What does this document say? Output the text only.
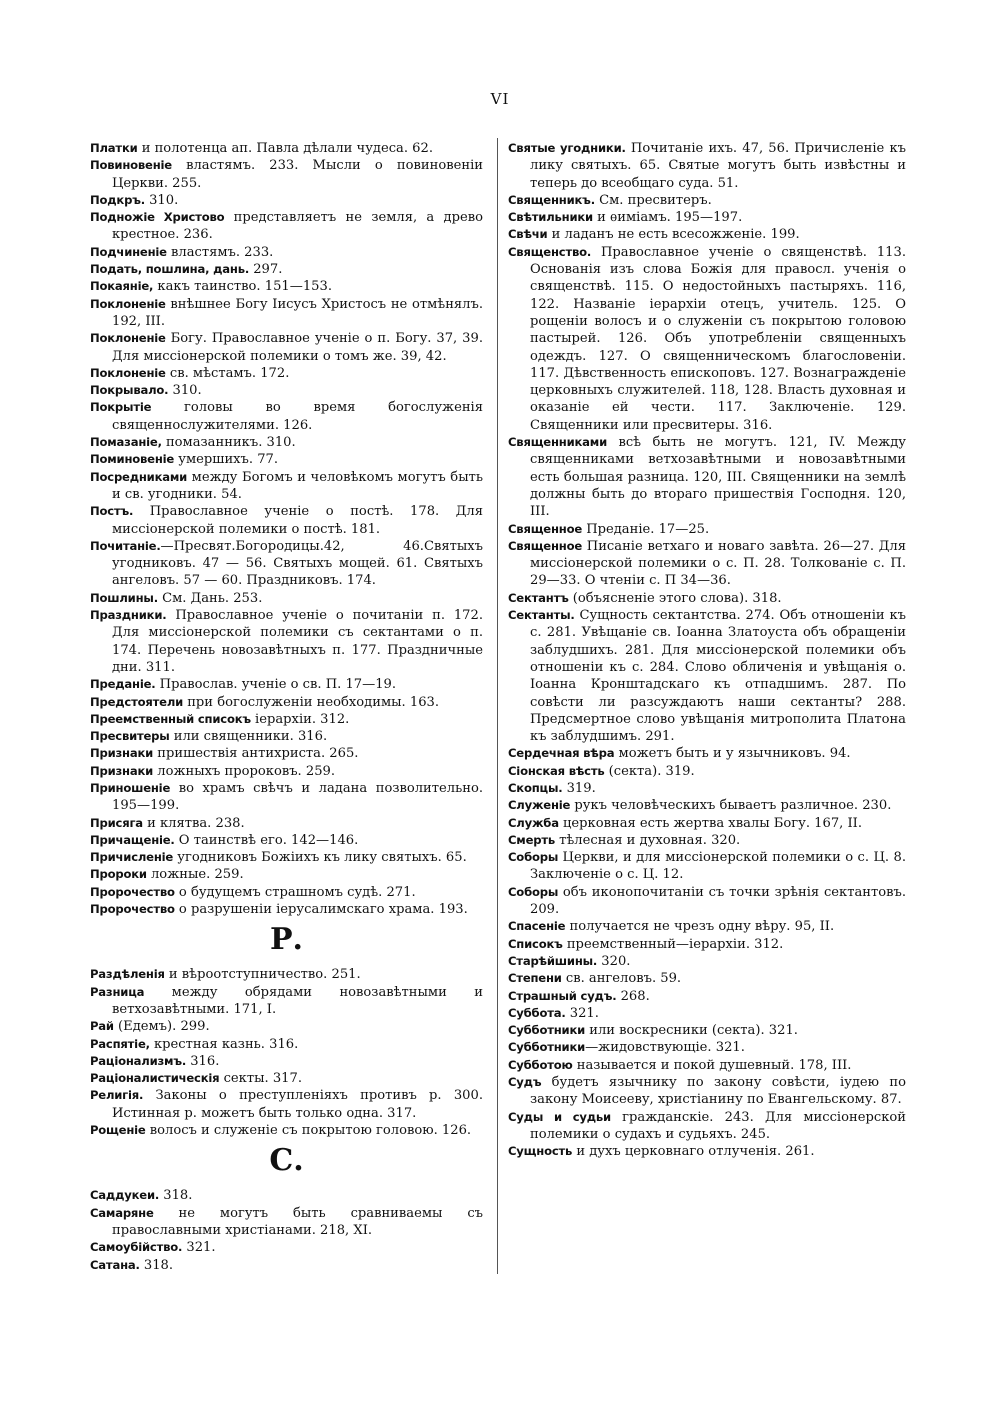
VI

Платки и полотенца ап. Павла дѣлали чудеса. 62.

Повиновеніе властямъ. 233. Мысли о повиновеніи Церкви. 255.

Подкръ. 310.

Подножіе Христово представляетъ не земля, а древо крестное. 236.

Подчиненіе властямъ. 233.

Подать, пошлина, дань. 297.

Покаяніе, какъ таинство. 151—153.

Поклоненіе внѣшнее Богу Іисусъ Христосъ не отмѣнялъ. 192, III.

Поклоненіе Богу. Православное ученіе о п. Богу. 37, 39. Для миссіонерской полемики о томъ же. 39, 42.

Поклоненіе св. мѣстамъ. 172.

Покрывало. 310.

Покрытіе головы во время богослуженія священнослужителями. 126.

Помазаніе, помазанникъ. 310.

Поминовеніе умершихъ. 77.

Посредниками между Богомъ и человѣкомъ могутъ быть и св. угодники. 54.

Постъ. Православное ученіе о постѣ. 178. Для миссіонерской полемики о постѣ. 181.

Почитаніе.—Пресвят.Богородицы.42, 46.Святыхъ угодниковъ. 47 — 56. Святыхъ мощей. 61. Святыхъ ангеловъ. 57 — 60. Праздниковъ. 174.

Пошлины. См. Дань. 253.

Праздники. Православное ученіе о почитаніи п. 172. Для миссіонерской полемики съ сектантами о п. 174. Перечень новозавѣтныхъ п. 177. Праздничные дни. 311.

Преданіе. Православ. ученіе о св. П. 17—19.

Предстоятели при богослуженіи необходимы. 163.

Преемственный списокъ іерархіи. 312.

Пресвитеры или священники. 316.

Признаки пришествія антихриста. 265.

Признаки ложныхъ пророковъ. 259.

Приношеніе во храмъ свѣчъ и ладана позволительно. 195—199.

Присяга и клятва. 238.

Причащеніе. О таинствѣ его. 142—146.

Причисленіе угодниковъ Божіихъ къ лику святыхъ. 65.

Пророки ложные. 259.

Пророчество о будущемъ страшномъ судѣ. 271.

Пророчество о разрушеніи іерусалимскаго храма. 193.

Р.

Раздѣленія и вѣроотступничество. 251.

Разница между обрядами новозавѣтными и ветхозавѣтными. 171, I.

Рай (Едемъ). 299.

Распятіе, крестная казнь. 316.

Раціонализмъ. 316.

Раціоналистическія секты. 317.

Религія. Законы о преступленіяхъ противъ р. 300. Истинная р. можетъ быть только одна. 317.

Рощеніе волосъ и служеніе съ покрытою головою. 126.

С.

Саддукеи. 318.

Самаряне не могутъ быть сравниваемы съ православными христіанами. 218, XI.

Самоубійство. 321.

Сатана. 318.

Святые угодники. Почитаніе ихъ. 47, 56. Причисленіе къ лику святыхъ. 65. Святые могутъ быть извѣстны и теперь до всеобщаго суда. 51.

Священникъ. См. пресвитеръ.

Свѣтильники и ѳиміамъ. 195—197.

Свѣчи и ладанъ не есть всесожженіе. 199.

Священство. Православное ученіе о священствѣ. 113. Основанія изъ слова Божія для правосл. ученія о священствѣ. 115. О недостойныхъ пастыряхъ. 116, 122. Названіе іерархіи отецъ, учитель. 125. О рощеніи волосъ и о служеніи съ покрытою головою пастырей. 126. Объ употребленіи священныхъ одеждъ. 127. О священническомъ благословеніи. 117. Дѣвственность епископовъ. 127. Вознагражденіе церковныхъ служителей. 118, 128. Власть духовная и оказаніе ей чести. 117. Заключеніе. 129. Священники или пресвитеры. 316.

Священниками всѣ быть не могутъ. 121, IV. Между священниками ветхозавѣтными и новозавѣтными есть большая разница. 120, III. Священники на землѣ должны быть до втораго пришествія Господня. 120, III.

Священное Преданіе. 17—25.

Священное Писаніе ветхаго и новаго завѣта. 26—27. Для миссіонерской полемики о с. П. 28. Толкованіе с. П. 29—33. О чтеніи с. П 34—36.

Сектантъ (объясненіе этого слова). 318.

Сектанты. Сущность сектантства. 274. Объ отношеніи къ с. 281. Увѣщаніе св. Іоанна Златоуста объ обращеніи заблудшихъ. 281. Для миссіонерской полемики объ отношеніи къ с. 284. Слово обличенія и увѣщанія о. Іоанна Кронштадскаго къ отпадшимъ. 287. По совѣсти ли разсуждаютъ наши сектанты? 288. Предсмертное слово увѣщанія митрополита Платона къ заблудшимъ. 291.

Сердечная вѣра можетъ быть и у язычниковъ. 94.

Сіонская вѣсть (секта). 319.

Скопцы. 319.

Служеніе рукъ человѣческихъ бываетъ различное. 230.

Служба церковная есть жертва хвалы Богу. 167, II.

Смерть тѣлесная и духовная. 320.

Соборы Церкви, и для миссіонерской полемики о с. Ц. 8. Заключеніе о с. Ц. 12.

Соборы объ иконопочитаніи съ точки зрѣнія сектантовъ. 209.

Спасеніе получается не чрезъ одну вѣру. 95, II.

Списокъ преемственный—іерархіи. 312.

Старѣйшины. 320.

Степени св. ангеловъ. 59.

Страшный судъ. 268.

Суббота. 321.

Субботники или воскресники (секта). 321.

Субботники—жидовствующіе. 321.

Субботою называется и покой душевный. 178, III.

Судъ будетъ язычнику по закону совѣсти, іудею по закону Моисееву, христіанину по Евангельскому. 87.

Суды и судьи гражданскіе. 243. Для миссіонерской полемики о судахъ и судьяхъ. 245.

Сущность и духъ церковнаго отлученія. 261.
